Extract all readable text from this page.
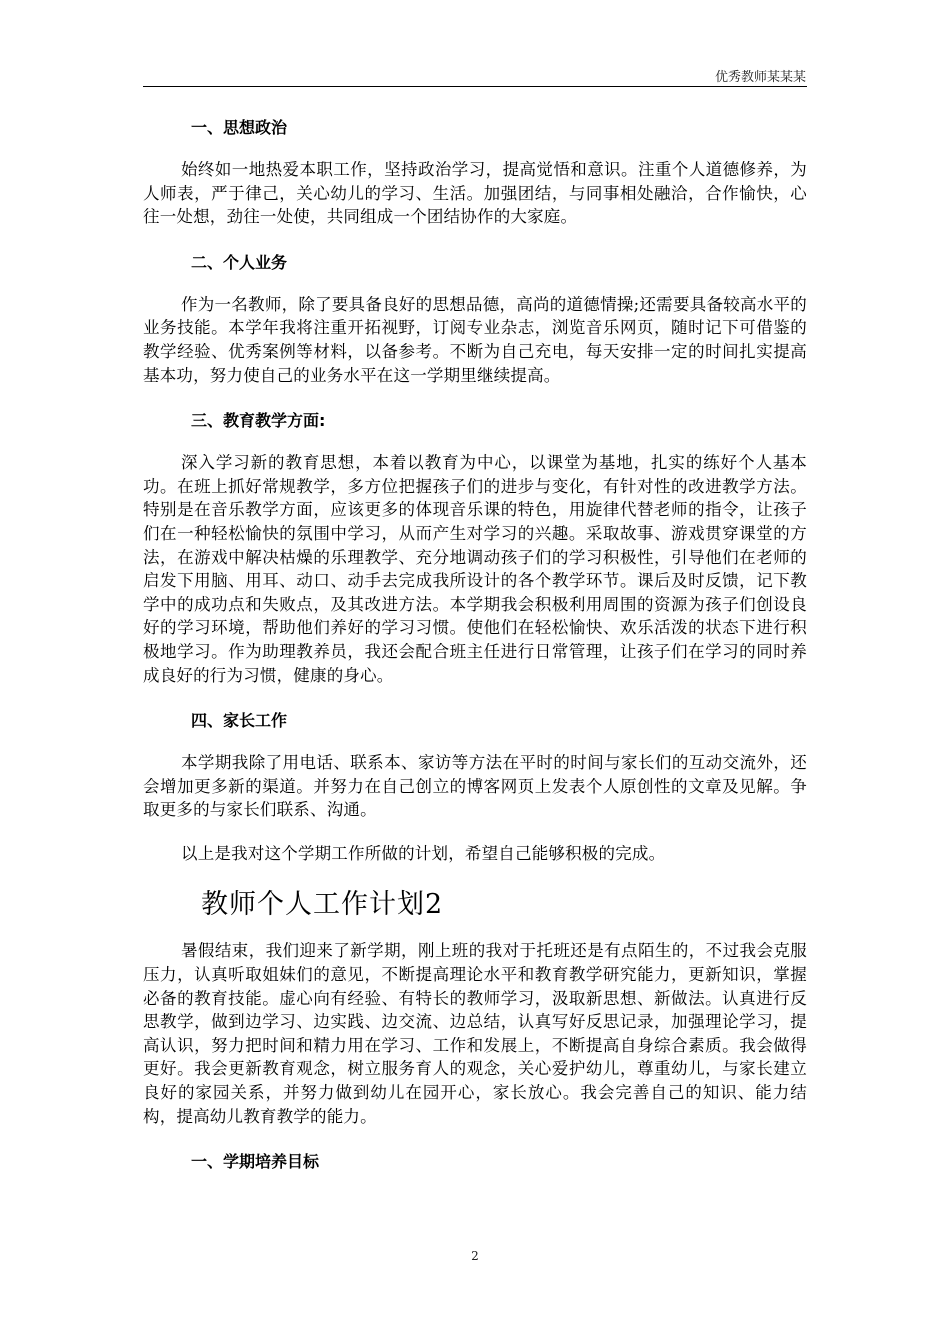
优秀教师某某某
一、思想政治

始终如一地热爱本职工作，坚持政治学习，提高觉悟和意识。注重个人道德修养，为人师表，严于律己，关心幼儿的学习、生活。加强团结，与同事相处融洽，合作愉快，心往一处想，劲往一处使，共同组成一个团结协作的大家庭。

二、个人业务

作为一名教师，除了要具备良好的思想品德，高尚的道德情操;还需要具备较高水平的业务技能。本学年我将注重开拓视野，订阅专业杂志，浏览音乐网页，随时记下可借鉴的教学经验、优秀案例等材料，以备参考。不断为自己充电，每天安排一定的时间扎实提高基本功，努力使自己的业务水平在这一学期里继续提高。

三、教育教学方面:

深入学习新的教育思想，本着以教育为中心，以课堂为基地，扎实的练好个人基本功。在班上抓好常规教学，多方位把握孩子们的进步与变化，有针对性的改进教学方法。特别是在音乐教学方面，应该更多的体现音乐课的特色，用旋律代替老师的指令，让孩子们在一种轻松愉快的氛围中学习，从而产生对学习的兴趣。采取故事、游戏贯穿课堂的方法，在游戏中解决枯燥的乐理教学、充分地调动孩子们的学习积极性，引导他们在老师的启发下用脑、用耳、动口、动手去完成我所设计的各个教学环节。课后及时反馈，记下教学中的成功点和失败点，及其改进方法。本学期我会积极利用周围的资源为孩子们创设良好的学习环境，帮助他们养好的学习习惯。使他们在轻松愉快、欢乐活泼的状态下进行积极地学习。作为助理教养员，我还会配合班主任进行日常管理，让孩子们在学习的同时养成良好的行为习惯，健康的身心。

四、家长工作

本学期我除了用电话、联系本、家访等方法在平时的时间与家长们的互动交流外，还会增加更多新的渠道。并努力在自己创立的博客网页上发表个人原创性的文章及见解。争取更多的与家长们联系、沟通。

以上是我对这个学期工作所做的计划，希望自己能够积极的完成。

教师个人工作计划2

暑假结束，我们迎来了新学期，刚上班的我对于托班还是有点陌生的，不过我会克服压力，认真听取姐妹们的意见，不断提高理论水平和教育教学研究能力，更新知识，掌握必备的教育技能。虚心向有经验、有特长的教师学习，汲取新思想、新做法。认真进行反思教学，做到边学习、边实践、边交流、边总结，认真写好反思记录，加强理论学习，提高认识，努力把时间和精力用在学习、工作和发展上，不断提高自身综合素质。我会做得更好。我会更新教育观念，树立服务育人的观念，关心爱护幼儿，尊重幼儿，与家长建立良好的家园关系，并努力做到幼儿在园开心，家长放心。我会完善自己的知识、能力结构，提高幼儿教育教学的能力。

一、学期培养目标
2
